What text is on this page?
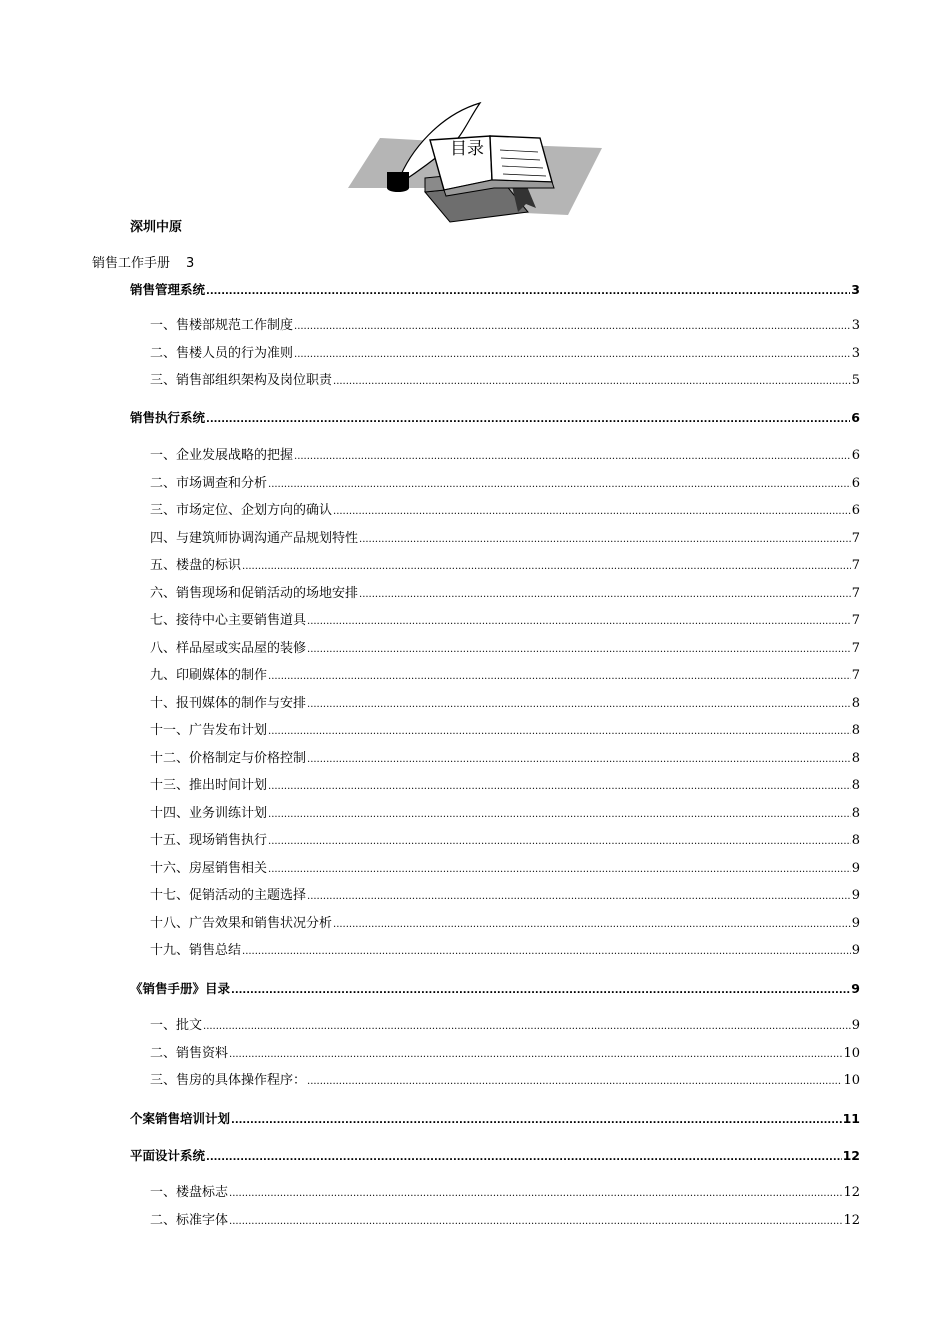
目录
深圳中原
销售工作手册 3
销售管理系统 .....	3
一、售楼部规范工作制度 .....	3
二、售楼人员的行为准则 .....	3
三、销售部组织架构及岗位职责 .....	5
销售执行系统 .....	6
一、企业发展战略的把握 .....	6
二、市场调查和分析 .....	6
三、市场定位、企划方向的确认 .....	6
四、与建筑师协调沟通产品规划特性 .....	7
五、楼盘的标识 .....	7
六、销售现场和促销活动的场地安排 .....	7
七、接待中心主要销售道具 .....	7
八、样品屋或实品屋的装修 .....	7
九、印刷媒体的制作 .....	7
十、报刊媒体的制作与安排 .....	8
十一、广告发布计划 .....	8
十二、价格制定与价格控制 .....	8
十三、推出时间计划 .....	8
十四、业务训练计划 .....	8
十五、现场销售执行 .....	8
十六、房屋销售相关 .....	9
十七、促销活动的主题选择 .....	9
十八、广告效果和销售状况分析 .....	9
十九、销售总结 .....	9
《销售手册》目录 .....	9
一、批文 .....	9
二、销售资料 .....	10
三、售房的具体操作程序： .....	10
个案销售培训计划 .....	11
平面设计系统 .....	12
一、楼盘标志 .....	12
二、标准字体 .....	12
